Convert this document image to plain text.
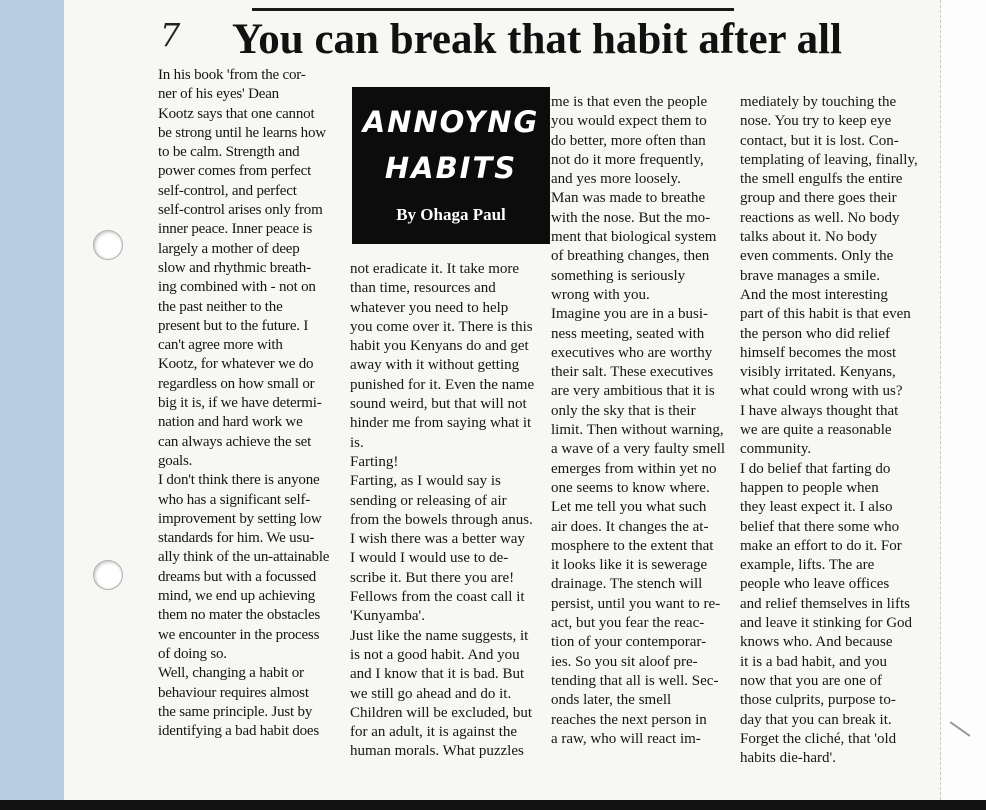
7 You can break that habit after all
In his book 'from the cor-
ner of his eyes' Dean
Kootz says that one cannot
be strong until he learns how
to be calm. Strength and
power comes from perfect
self-control, and perfect
self-control arises only from
inner peace. Inner peace is
largely a mother of deep
slow and rhythmic breath-
ing combined with - not on
the past neither to the
present but to the future. I
can't agree more with
Kootz, for whatever we do
regardless on how small or
big it is, if we have determi-
nation and hard work we
can always achieve the set
goals.
I don't think there is anyone
who has a significant self-
improvement by setting low
standards for him. We usu-
ally think of the un-attainable
dreams but with a focussed
mind, we end up achieving
them no mater the obstacles
we encounter in the process
of doing so.
Well, changing a habit or
behaviour requires almost
the same principle. Just by
identifying a bad habit does
not eradicate it. It take more
than time, resources and
whatever you need to help
you come over it. There is this
habit you Kenyans do and get
away with it without getting
punished for it. Even the name
sound weird, but that will not
hinder me from saying what it
is.
Farting!
Farting, as I would say is
sending or releasing of air
from the bowels through anus.
I wish there was a better way
I would I would use to de-
scribe it. But there you are!
Fellows from the coast call it
'Kunyamba'.
Just like the name suggests, it
is not a good habit. And you
and I know that it is bad. But
we still go ahead and do it.
Children will be excluded, but
for an adult, it is against the
human morals. What puzzles
me is that even the people
you would expect them to
do better, more often than
not do it more frequently,
and yes more loosely.
Man was made to breathe
with the nose. But the mo-
ment that biological system
of breathing changes, then
something is seriously
wrong with you.
Imagine you are in a busi-
ness meeting, seated with
executives who are worthy
their salt. These executives
are very ambitious that it is
only the sky that is their
limit. Then without warning,
a wave of a very faulty smell
emerges from within yet no
one seems to know where.
Let me tell you what such
air does. It changes the at-
mosphere to the extent that
it looks like it is sewerage
drainage. The stench will
persist, until you want to re-
act, but you fear the reac-
tion of your contemporar-
ies. So you sit aloof pre-
tending that all is well. Sec-
onds later, the smell
reaches the next person in
a raw, who will react im-
mediately by touching the
nose. You try to keep eye
contact, but it is lost. Con-
templating of leaving, finally,
the smell engulfs the entire
group and there goes their
reactions as well. No body
talks about it. No body
even comments. Only the
brave manages a smile.
And the most interesting
part of this habit is that even
the person who did relief
himself becomes the most
visibly irritated. Kenyans,
what could wrong with us?
I have always thought that
we are quite a reasonable
community.
I do belief that farting do
happen to people when
they least expect it. I also
belief that there some who
make an effort to do it. For
example, lifts. The are
people who leave offices
and relief themselves in lifts
and leave it stinking for God
knows who. And because
it is a bad habit, and you
now that you are one of
those culprits, purpose to-
day that you can break it.
Forget the cliché, that 'old
habits die-hard'.
ANNOYNG
HABITS
By Ohaga Paul
